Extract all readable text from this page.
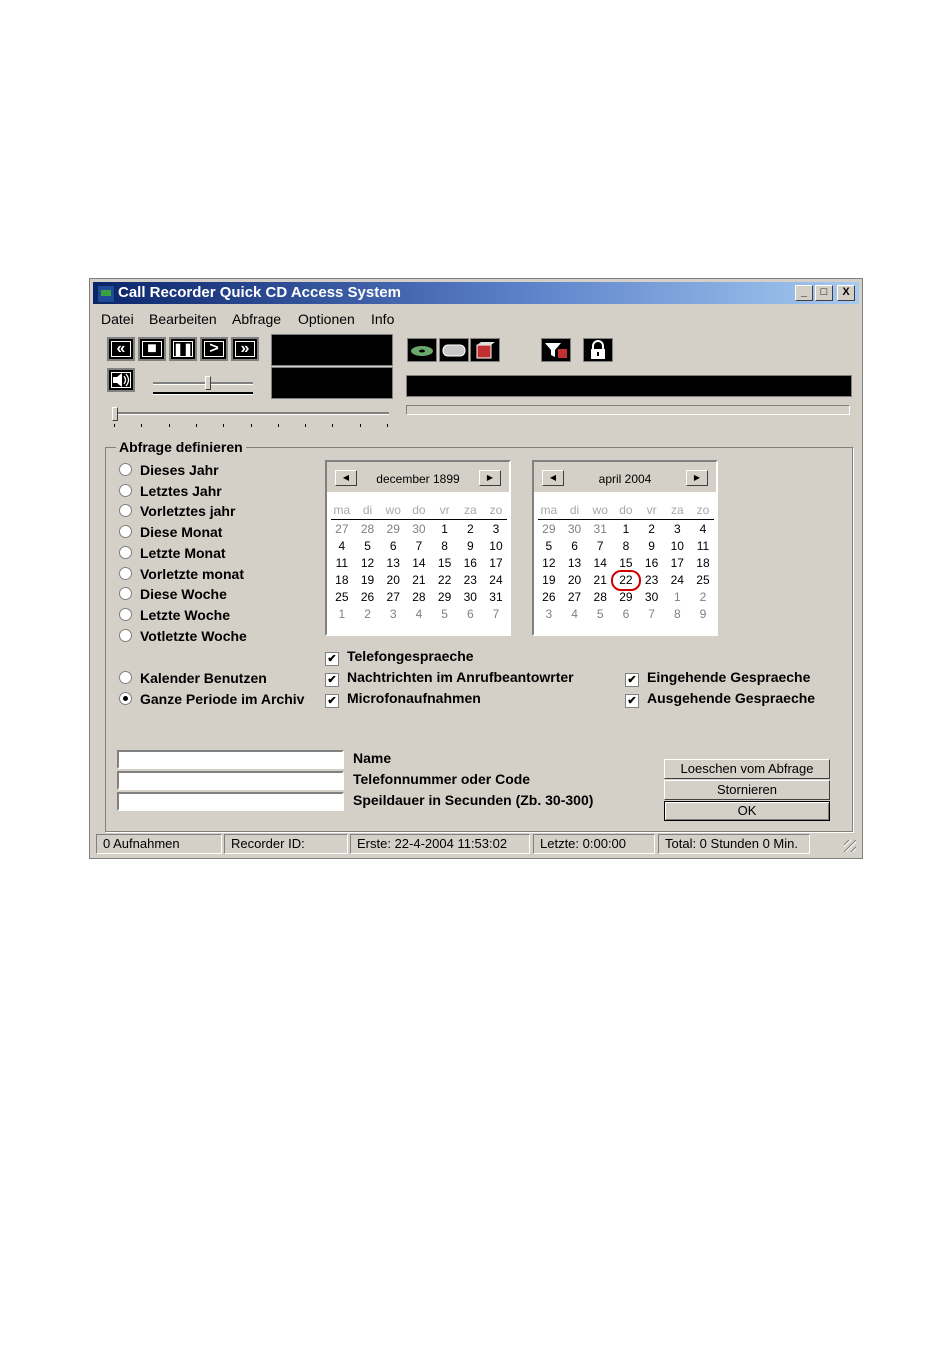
Call Recorder Quick CD Access System	_	□	X
Datei Bearbeiten Abfrage Optionen Info
«	■	❚❚	>	»
Abfrage definieren
Dieses Jahr
Letztes Jahr
Vorletztes jahr
Diese Monat
Letzte Monat
Vorletzte monat
Diese Woche
Letzte Woche
Votletzte Woche
Kalender Benutzen
Ganze Periode im Archiv
december 1899
◀	▶
ma	di	wo do	vr	za	zo
27	28	29	30	1	2	3
4	5	6	7	8	9	10
11	12	13	14	15	16	17
18	19	20	21	22	23	24
25	26	27	28	29	30	31
1	2	3	4	5	6	7
april 2004
◀	▶
ma	di	wo do	vr	za	zo
29	30	31	1	2	3	4
5	6	7	8	9	10	11
12	13	14	15	16	17	18
19	20	21	22	23	24	25
26	27	28	29	30	1	2
3	4	5	6	7	8	9
✔ Telefongespraeche
✔ Nachtrichten im Anrufbeantowrter
✔ Microfonaufnahmen
✔ Eingehende Gespraeche
✔ Ausgehende Gespraeche
Name
Telefonnummer oder Code
Speildauer in Secunden (Zb. 30-300)
Loeschen vom Abfrage
Stornieren
OK
0 Aufnahmen	Recorder ID:	Erste: 22-4-2004 11:53:02	Letzte: 0:00:00	Total: 0 Stunden 0 Min.
